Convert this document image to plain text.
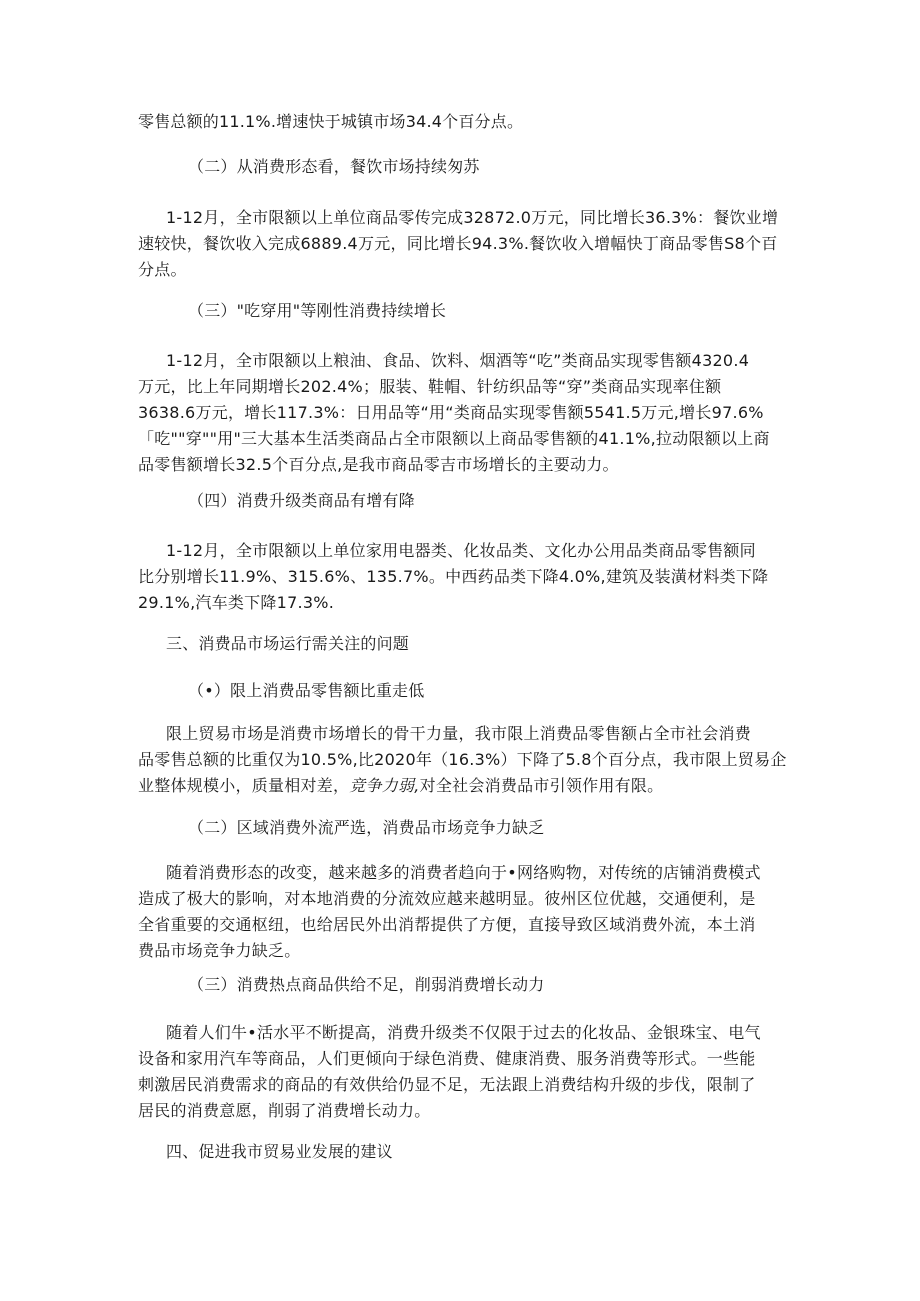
零售总额的11.1%.增速快于城镇市场34.4个百分点。

（二）从消费形态看，餐饮市场持续匆苏

1-12月，全市限额以上单位商品零传完成32872.0万元，同比增长36.3%：餐饮业增
速较快，餐饮收入完成6889.4万元，同比增长94.3%.餐饮收入增幅快丁商品零售S8个百
分点。

（三）"吃穿用"等刚性消费持续增长

1-12月，全市限额以上粮油、食品、饮料、烟酒等“吃”类商品实现零售额4320.4
万元，比上年同期增长202.4%；服装、鞋帽、针纺织品等“穿”类商品实现率住额
3638.6万元，增长117.3%：日用品等“用“类商品实现零售额5541.5万元,增长97.6%
「吃""穿""用"三大基本生活类商品占全市限额以上商品零售额的41.1%,拉动限额以上商
品零售额增长32.5个百分点,是我市商品零吉市场增长的主要动力。

（四）消费升级类商品有增有降

1-12月，全市限额以上单位家用电器类、化妆品类、文化办公用品类商品零售额同
比分别增长11.9%、315.6%、135.7%。中西药品类下降4.0%,建筑及装潢材料类下降
29.1%,汽车类下降17.3%.

三、消费品市场运行需关注的问题

（•）限上消费品零售额比重走低

限上贸易市场是消费市场增长的骨干力量，我市限上消费品零售额占全市社会消费
品零售总额的比重仅为10.5%,比2020年（16.3%）下降了5.8个百分点，我市限上贸易企
业整体规模小，质量相对差，竞争力弱,对全社会消费品市引领作用有限。

（二）区域消费外流严选，消费品市场竞争力缺乏

随着消费形态的改变，越来越多的消费者趋向于•网络购物，对传统的店铺消费模式
造成了极大的影响，对本地消费的分流效应越来越明显。彼州区位优越，交通便利，是
全省重要的交通枢纽，也给居民外出消帮提供了方便，直接导致区域消费外流，本土消
费品市场竞争力缺乏。

（三）消费热点商品供给不足，削弱消费增长动力

随着人们牛•活水平不断提高，消费升级类不仅限于过去的化妆品、金银珠宝、电气
设备和家用汽车等商品，人们更倾向于绿色消费、健康消费、服务消费等形式。一些能
刺激居民消费需求的商品的有效供给仍显不足，无法跟上消费结构升级的步伐，限制了
居民的消费意愿，削弱了消费增长动力。

四、促进我市贸易业发展的建议
